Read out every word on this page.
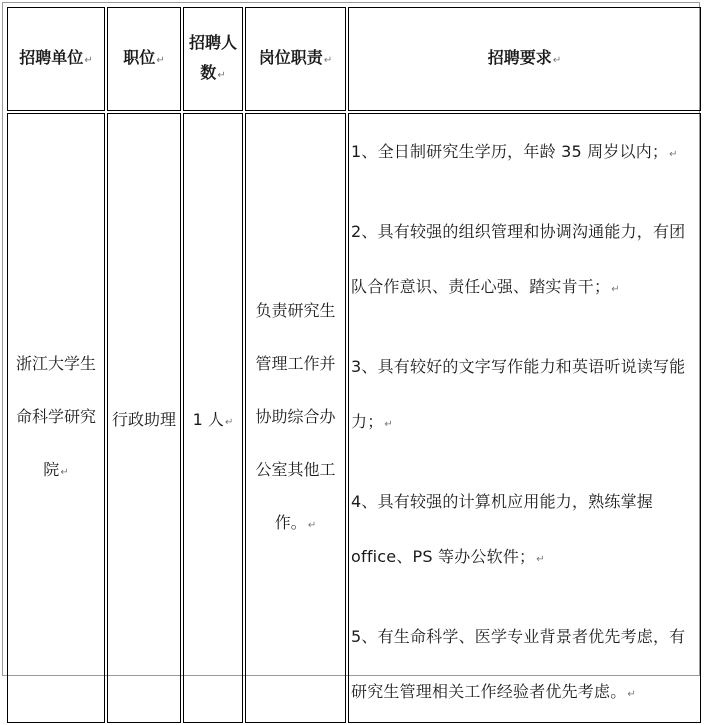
招聘单位↵	职位↵	招聘人数↵	岗位职责↵	招聘要求↵

浙江大学生命科学研究院↵	行政助理	1 人↵	负责研究生管理工作并协助综合办公室其他工作。↵	1、全日制研究生学历，年龄 35 周岁以内；↵
2、具有较强的组织管理和协调沟通能力，有团队合作意识、责任心强、踏实肯干；↵
3、具有较好的文字写作能力和英语听说读写能力；↵
4、具有较强的计算机应用能力，熟练掌握 office、PS 等办公软件；↵
5、有生命科学、医学专业背景者优先考虑，有研究生管理相关工作经验者优先考虑。↵
